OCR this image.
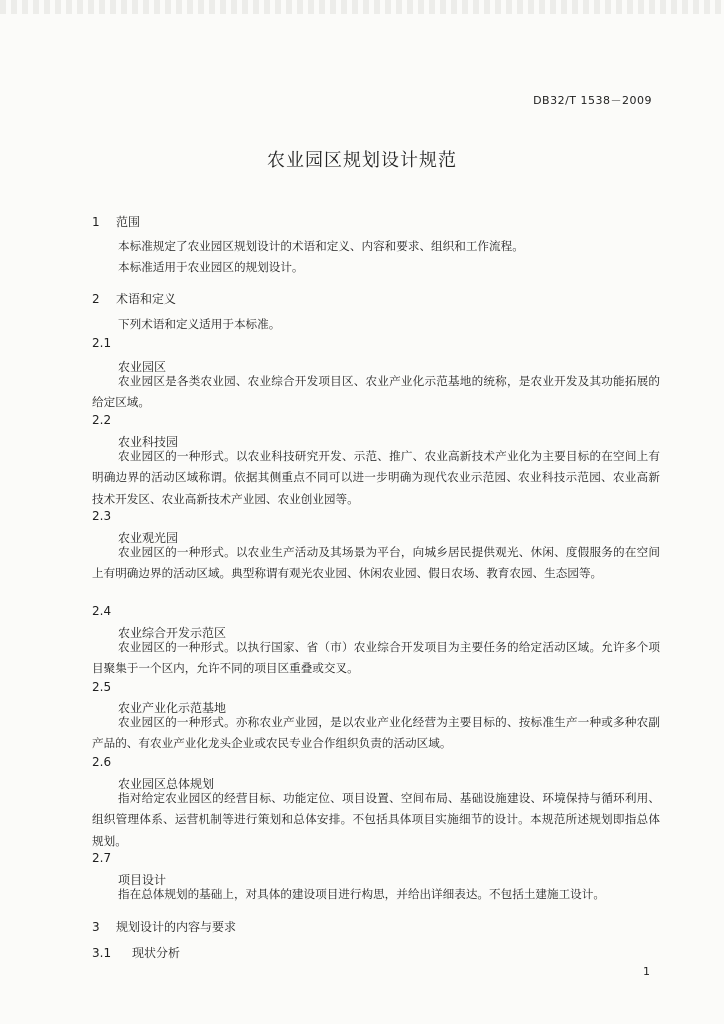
DB32/T 1538－2009
农业园区规划设计规范
1 范围
本标准规定了农业园区规划设计的术语和定义、内容和要求、组织和工作流程。
本标准适用于农业园区的规划设计。
2 术语和定义
下列术语和定义适用于本标准。
2.1
农业园区
农业园区是各类农业园、农业综合开发项目区、农业产业化示范基地的统称，是农业开发及其功能拓展的给定区域。
2.2
农业科技园
农业园区的一种形式。以农业科技研究开发、示范、推广、农业高新技术产业化为主要目标的在空间上有明确边界的活动区域称谓。依据其侧重点不同可以进一步明确为现代农业示范园、农业科技示范园、农业高新技术开发区、农业高新技术产业园、农业创业园等。
2.3
农业观光园
农业园区的一种形式。以农业生产活动及其场景为平台，向城乡居民提供观光、休闲、度假服务的在空间上有明确边界的活动区域。典型称谓有观光农业园、休闲农业园、假日农场、教育农园、生态园等。
2.4
农业综合开发示范区
农业园区的一种形式。以执行国家、省（市）农业综合开发项目为主要任务的给定活动区域。允许多个项目聚集于一个区内，允许不同的项目区重叠或交叉。
2.5
农业产业化示范基地
农业园区的一种形式。亦称农业产业园，是以农业产业化经营为主要目标的、按标准生产一种或多种农副产品的、有农业产业化龙头企业或农民专业合作组织负责的活动区域。
2.6
农业园区总体规划
指对给定农业园区的经营目标、功能定位、项目设置、空间布局、基础设施建设、环境保持与循环利用、组织管理体系、运营机制等进行策划和总体安排。不包括具体项目实施细节的设计。本规范所述规划即指总体规划。
2.7
项目设计
指在总体规划的基础上，对具体的建设项目进行构思，并给出详细表达。不包括土建施工设计。
3 规划设计的内容与要求
3.1 现状分析
1
